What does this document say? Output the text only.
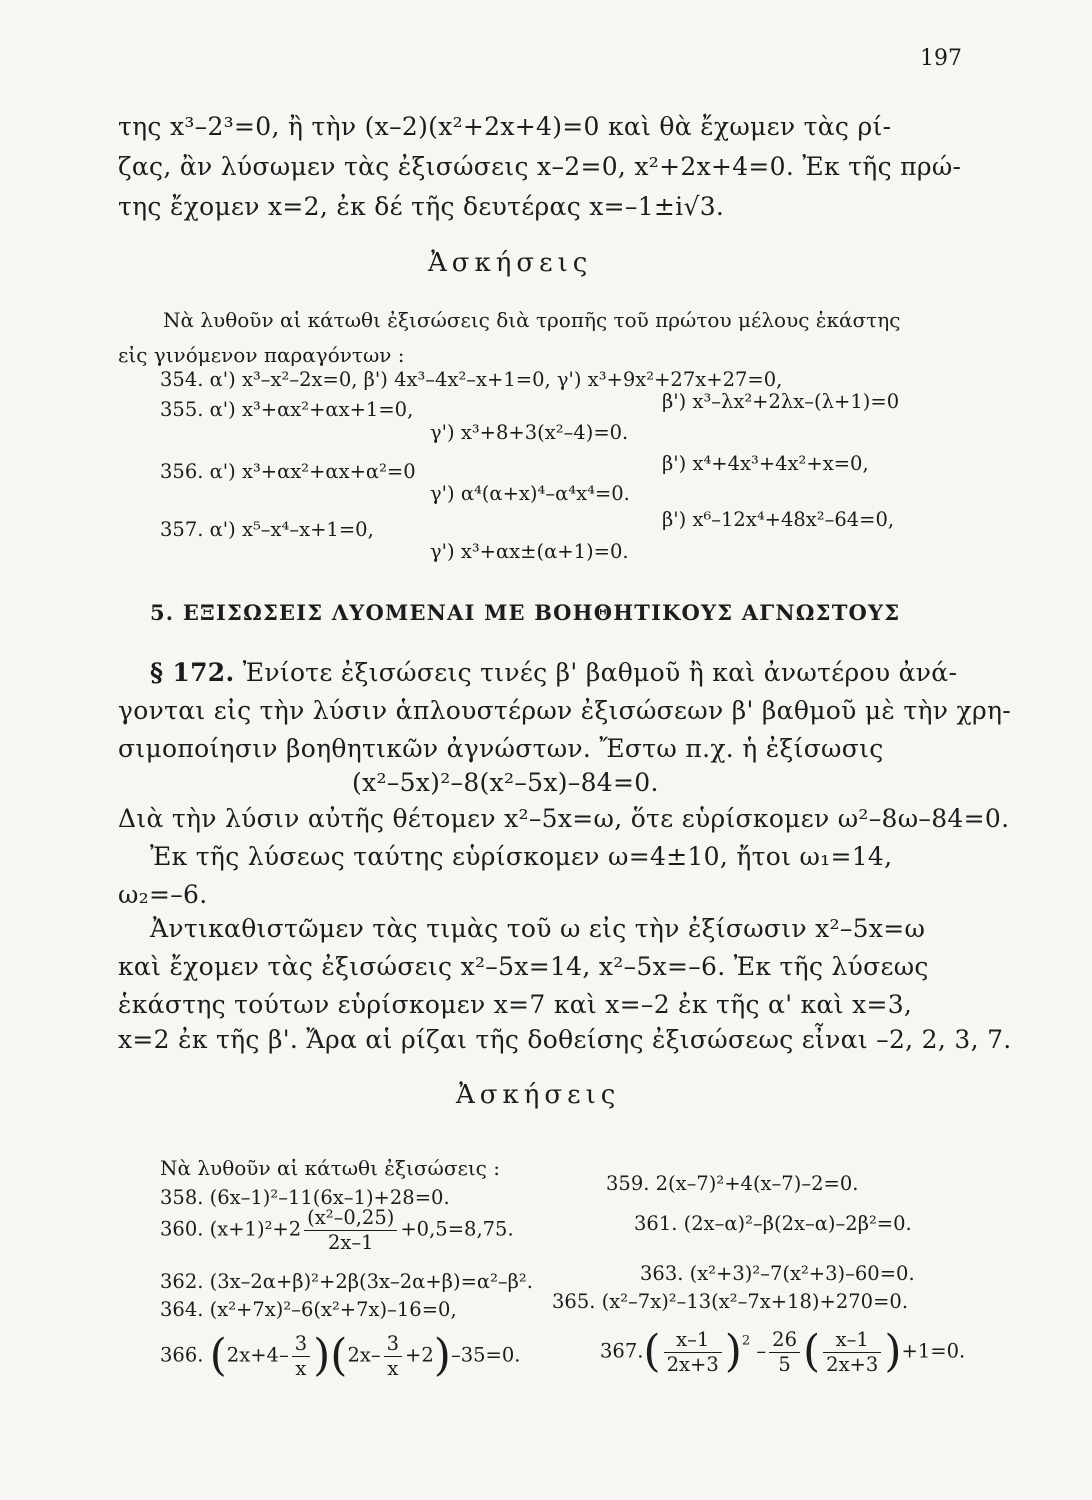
197
της x³–2³=0, ἢ τὴν (x–2)(x²+2x+4)=0 καὶ θὰ ἔχωμεν τὰς ρί-
ζας, ἂν λύσωμεν τὰς ἐξισώσεις x–2=0, x²+2x+4=0. Ἐκ τῆς πρώ-
της ἔχομεν x=2, ἐκ δέ τῆς δευτέρας x=–1±i√3.
Ἀσκήσεις
Νὰ λυθοῦν αἱ κάτωθι ἐξισώσεις διὰ τροπῆς τοῦ πρώτου μέλους ἑκάστης
εἰς γινόμενον παραγόντων :
354. α') x³–x²–2x=0, β') 4x³–4x²–x+1=0, γ') x³+9x²+27x+27=0,
355. α') x³+αx²+αx+1=0,	β') x³–λx²+2λx–(λ+1)=0
γ') x³+8+3(x²–4)=0.
356. α') x³+αx²+αx+α²=0	β') x⁴+4x³+4x²+x=0,
γ') α⁴(α+x)⁴–α⁴x⁴=0.
357. α') x⁵–x⁴–x+1=0,	β') x⁶–12x⁴+48x²–64=0,
γ') x³+αx±(α+1)=0.
5. ΕΞΙΣΩΣΕΙΣ ΛΥΟΜΕΝΑΙ ΜΕ ΒΟΗΘΗΤΙΚΟΥΣ ΑΓΝΩΣΤΟΥΣ
§ 172. Ἐνίοτε ἐξισώσεις τινές β' βαθμοῦ ἢ καὶ ἀνωτέρου ἀνά-
γονται εἰς τὴν λύσιν ἁπλουστέρων ἐξισώσεων β' βαθμοῦ μὲ τὴν χρη-
σιμοποίησιν βοηθητικῶν ἀγνώστων. Ἔστω π.χ. ἡ ἐξίσωσις
(x²–5x)²–8(x²–5x)–84=0.
Διὰ τὴν λύσιν αὐτῆς θέτομεν x²–5x=ω, ὅτε εὑρίσκομεν ω²–8ω–84=0.
Ἐκ τῆς λύσεως ταύτης εὑρίσκομεν ω=4±10, ἤτοι ω₁=14,
ω₂=–6.
Ἀντικαθιστῶμεν τὰς τιμὰς τοῦ ω εἰς τὴν ἐξίσωσιν x²–5x=ω
καὶ ἔχομεν τὰς ἐξισώσεις x²–5x=14, x²–5x=–6. Ἐκ τῆς λύσεως
ἑκάστης τούτων εὑρίσκομεν x=7 καὶ x=–2 ἐκ τῆς α' καὶ x=3,
x=2 ἐκ τῆς β'. Ἄρα αἱ ρίζαι τῆς δοθείσης ἐξισώσεως εἶναι –2, 2, 3, 7.
Ἀσκήσεις
Νὰ λυθοῦν αἱ κάτωθι ἐξισώσεις :
358. (6x–1)²–11(6x–1)+28=0.
359. 2(x–7)²+4(x–7)–2=0.
360. $(x+1)^2+2 \frac{\text{(x²–0,25)}}{2x-1} +0,5=8,75$.	361. (2x–α)²–β(2x–α)–2β²=0.
362. (3x–2α+β)²+2β(3x–2α+β)=α²–β².	363. (x²+3)²–7(x²+3)–60=0.
364. (x²+7x)²–6(x²+7x)–16=0,	365. (x²–7x)²–13(x²–7x+18)+270=0.
366. $(2x+4- \frac{3}{x} )(2x- \frac{3}{x} +2)-35=0$.	$367.( \frac{x-1}{2x+3} )^2 - \frac{26}{5}$ ( $\frac{x-1}{2x+3} )+1=0$.
